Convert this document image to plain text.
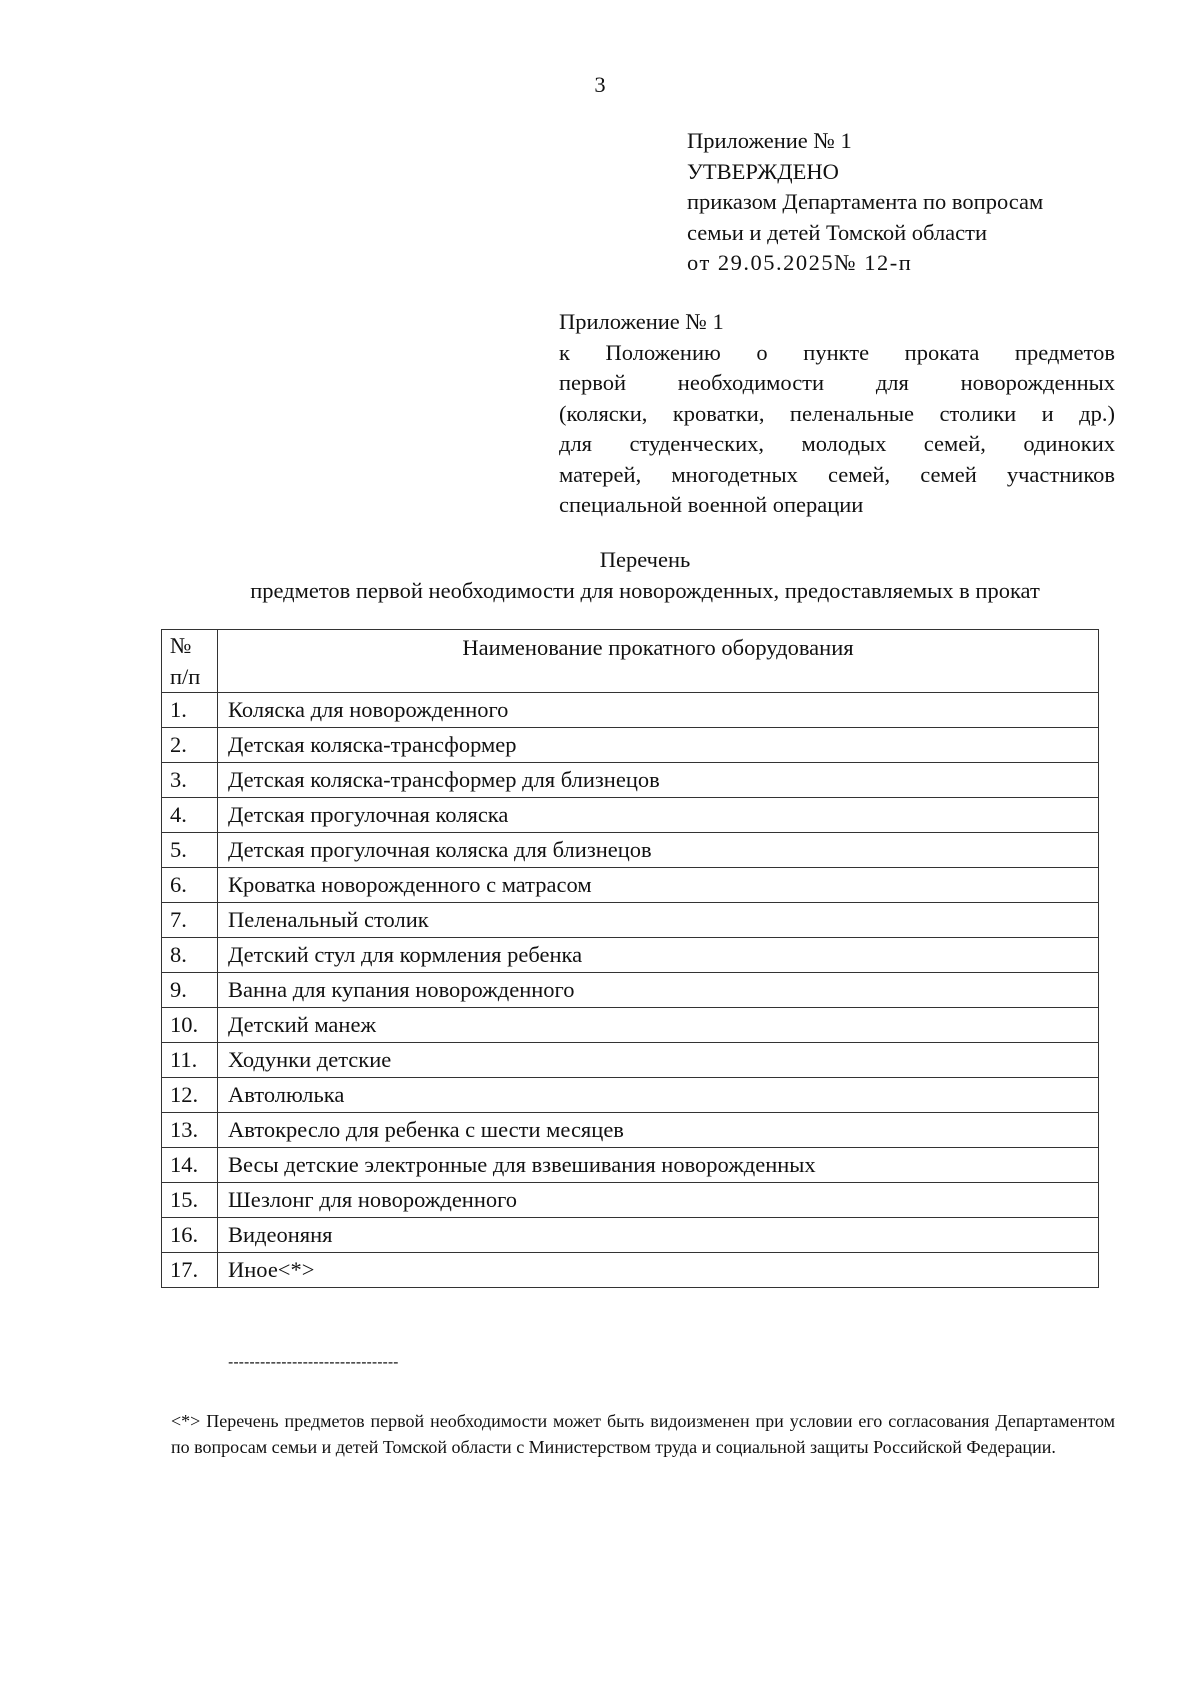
3
Приложение № 1
УТВЕРЖДЕНО
приказом Департамента по вопросам
семьи и детей Томской области
от 29.05.2025№ 12-п
Приложение № 1
к Положению о пункте проката предметов
первой необходимости для новорожденных
(коляски, кроватки, пеленальные столики и др.)
для студенческих, молодых семей, одиноких
матерей, многодетных семей, семей участников
специальной военной операции
Перечень
предметов первой необходимости для новорожденных, предоставляемых в прокат
№
п/п	Наименование прокатного оборудования
1.	Коляска для новорожденного
2.	Детская коляска-трансформер
3.	Детская коляска-трансформер для близнецов
4.	Детская прогулочная коляска
5.	Детская прогулочная коляска для близнецов
6.	Кроватка новорожденного с матрасом
7.	Пеленальный столик
8.	Детский стул для кормления ребенка
9.	Ванна для купания новорожденного
10.	Детский манеж
11.	Ходунки детские
12.	Автолюлька
13.	Автокресло для ребенка с шести месяцев
14.	Весы детские электронные для взвешивания новорожденных
15.	Шезлонг для новорожденного
16.	Видеоняня
17.	Иное<*>
--------------------------------
<*> Перечень предметов первой необходимости может быть видоизменен при условии его согласования Департаментом по вопросам семьи и детей Томской области с Министерством труда и социальной защиты Российской Федерации.
